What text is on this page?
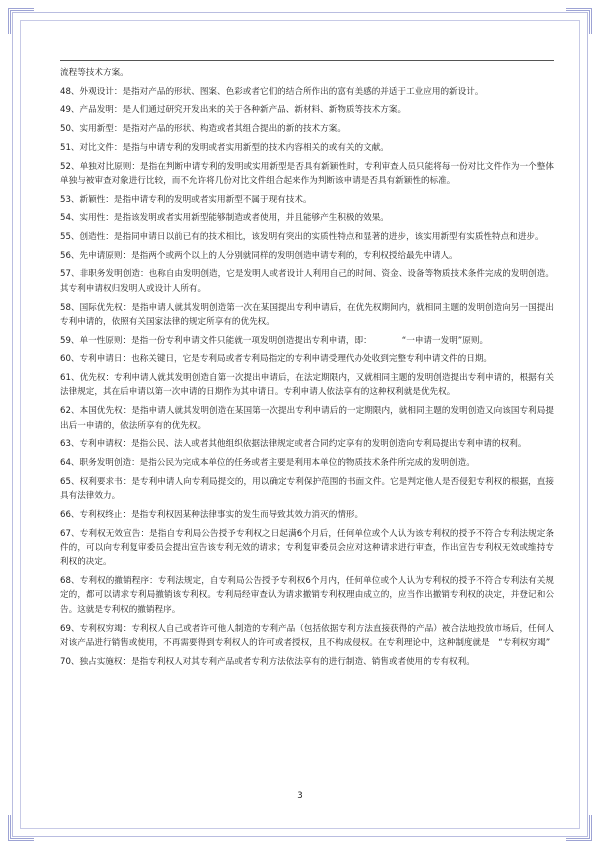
流程等技术方案。

48、外观设计：是指对产品的形状、图案、色彩或者它们的结合所作出的富有美感的并适于工业应用的新设计。

49、产品发明：是人们通过研究开发出来的关于各种新产品、新材料、新物质等技术方案。

50、实用新型：是指对产品的形状、构造或者其组合提出的新的技术方案。

51、对比文件：是指与申请专利的发明或者实用新型的技术内容相关的或有关的文献。

52、单独对比原则：是指在判断申请专利的发明或实用新型是否具有新颖性时，专利审查人员只能将每一份对比文件作为一个整体单独与被审查对象进行比较，而不允许将几份对比文件组合起来作为判断该申请是否具有新颖性的标准。

53、新颖性：是指申请专利的发明或者实用新型不属于现有技术。

54、实用性：是指该发明或者实用新型能够制造或者使用，并且能够产生积极的效果。

55、创造性：是指同申请日以前已有的技术相比，该发明有突出的实质性特点和显著的进步，该实用新型有实质性特点和进步。

56、先申请原则：是指两个或两个以上的人分别就同样的发明创造申请专利的，专利权授给最先申请人。

57、非职务发明创造：也称自由发明创造，它是发明人或者设计人利用自己的时间、资金、设备等物质技术条件完成的发明创造。其专利申请权归发明人或设计人所有。

58、国际优先权：是指申请人就其发明创造第一次在某国提出专利申请后，在优先权期间内，就相同主题的发明创造向另一国提出专利申请的，依照有关国家法律的规定所享有的优先权。

59、单一性原则：是指一份专利申请文件只能就一项发明创造提出专利申请，即：　　　　“一申请一发明”原则。

60、专利申请日：也称关键日，它是专利局或者专利局指定的专利申请受理代办处收到完整专利申请文件的日期。

61、优先权：专利申请人就其发明创造自第一次提出申请后，在法定期限内，又就相同主题的发明创造提出专利申请的，根据有关法律规定，其在后申请以第一次申请的日期作为其申请日。专利申请人依法享有的这种权利就是优先权。

62、本国优先权：是指申请人就其发明创造在某国第一次提出专利申请后的一定期限内，就相同主题的发明创造又向该国专利局提出后一申请的，依法所享有的优先权。

63、专利申请权：是指公民、法人或者其他组织依据法律规定或者合同约定享有的发明创造向专利局提出专利申请的权利。

64、职务发明创造：是指公民为完成本单位的任务或者主要是利用本单位的物质技术条件所完成的发明创造。

65、权利要求书：是专利申请人向专利局提交的，用以确定专利保护范围的书面文件。它是判定他人是否侵犯专利权的根据，直接具有法律效力。

66、专利权终止：是指专利权因某种法律事实的发生而导致其效力消灭的情形。

67、专利权无效宣告：是指自专利局公告授予专利权之日起满6个月后，任何单位或个人认为该专利权的授予不符合专利法规定条件的，可以向专利复审委员会提出宣告该专利无效的请求；专利复审委员会应对这种请求进行审查，作出宣告专利权无效或维持专利权的决定。

68、专利权的撤销程序：专利法规定，自专利局公告授予专利权6个月内，任何单位或个人认为专利权的授予不符合专利法有关规定的，都可以请求专利局撤销该专利权。专利局经审查认为请求撤销专利权理由成立的，应当作出撤销专利权的决定，并登记和公告。这就是专利权的撤销程序。

69、专利权穷竭：专利权人自己或者许可他人制造的专利产品（包括依据专利方法直接获得的产品）被合法地投放市场后，任何人对该产品进行销售或使用，不再需要得到专利权人的许可或者授权，且不构成侵权。在专利理论中，这种制度就是　“专利权穷竭”

70、独占实施权：是指专利权人对其专利产品或者专利方法依法享有的进行制造、销售或者使用的专有权利。

3
